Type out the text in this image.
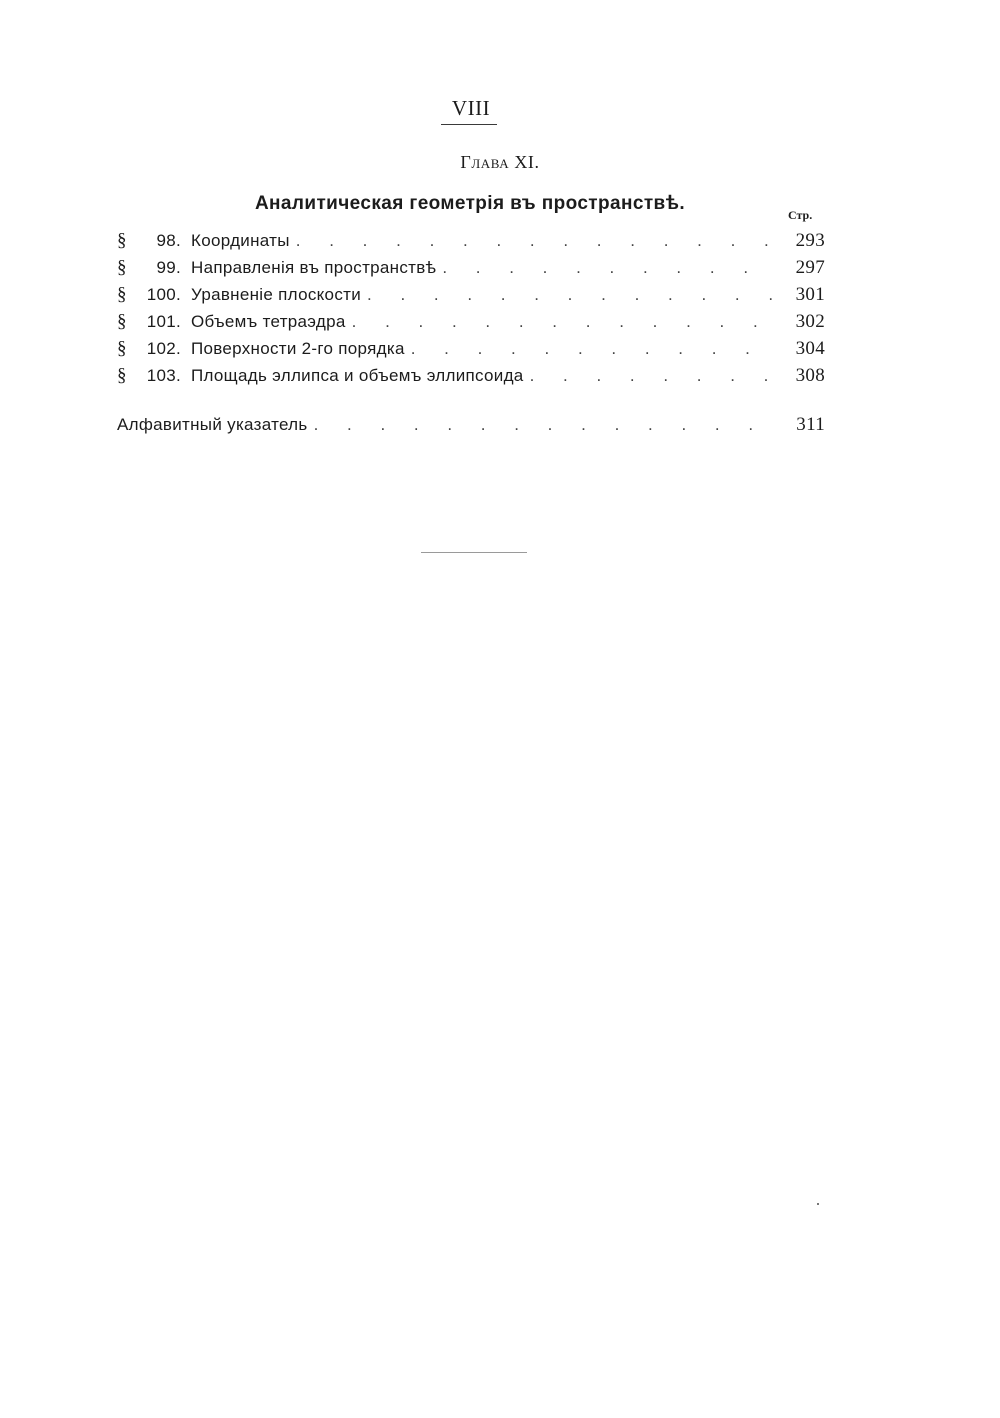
VIII
Глава XI.
Аналитическая геометрія въ пространствѣ.
Стр.
§	98. Координаты . . .	293
§	99. Направленія въ пространствѣ . . .	297
§	100. Уравненіе плоскости . . .	301
§	101. Объемъ тетраэдра . . .	302
§	102. Поверхности 2-го порядка . . .	304
§	103. Площадь эллипса и объемъ эллипсоида . . .	308
Алфавитный указатель . . .	311
